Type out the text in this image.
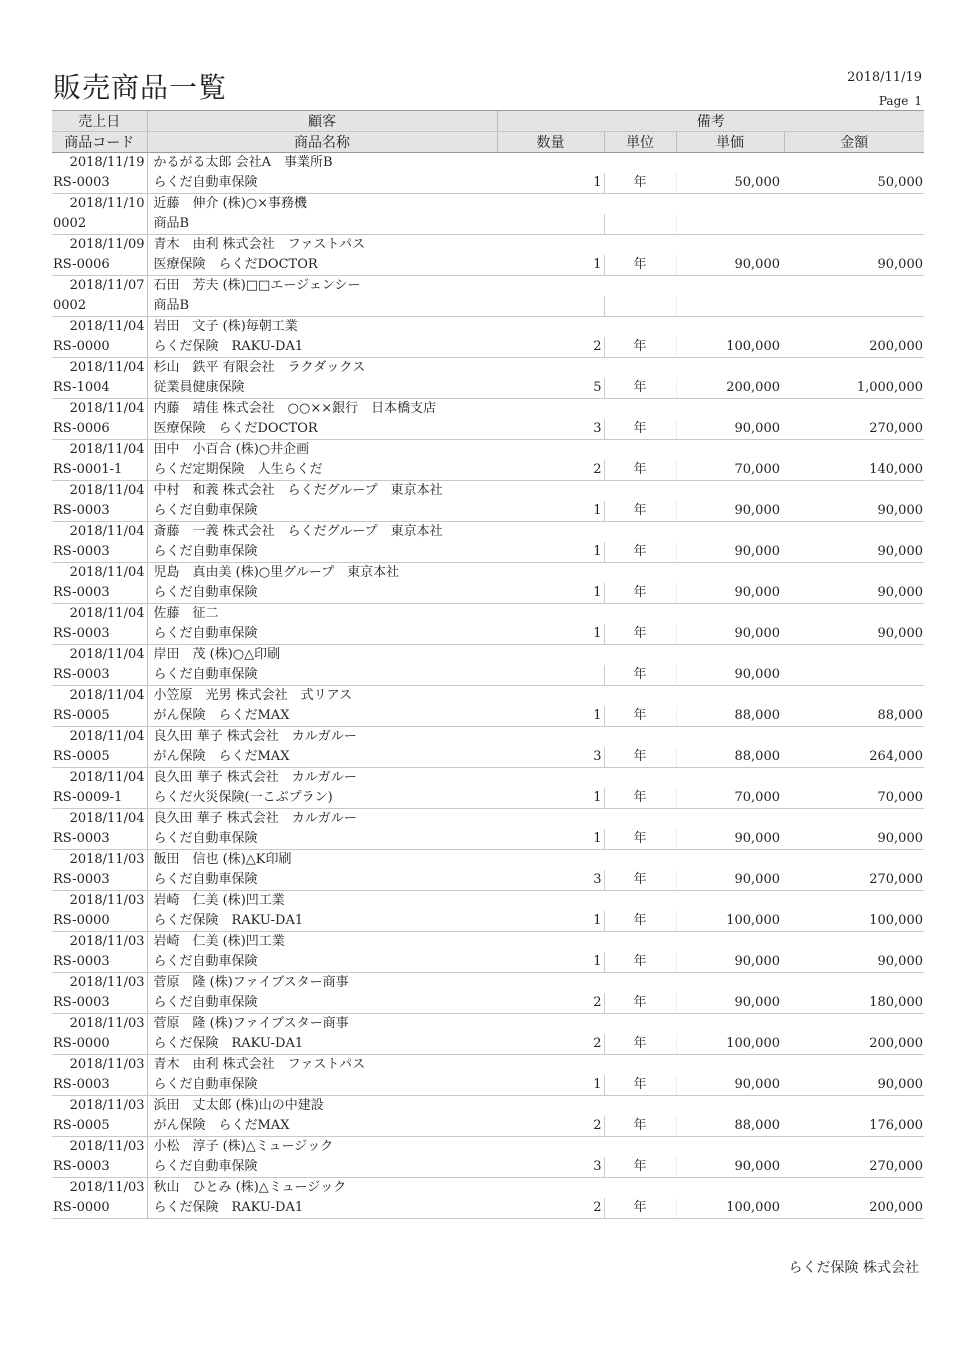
販売商品一覧	2018/11/19
Page 1
売上日	顧客	備考			
商品コード	商品名称	数量	単位	単価	金額
2018/11/19	かるがる太郎 会社A　事業所B				
RS-0003	らくだ自動車保険	1	年	50,000	50,000
2018/11/10	近藤　伸介 (株)○×事務機				
0002	商品B				
2018/11/09	青木　由利 株式会社　ファストパス				
RS-0006	医療保険　らくだDOCTOR	1	年	90,000	90,000
2018/11/07	石田　芳夫 (株)□□エージェンシー				
0002	商品B				
2018/11/04	岩田　文子 (株)毎朝工業				
RS-0000	らくだ保険　RAKU-DA1	2	年	100,000	200,000
2018/11/04	杉山　鉄平 有限会社　ラクダックス				
RS-1004	従業員健康保険	5	年	200,000	1,000,000
2018/11/04	内藤　靖佳 株式会社　○○××銀行　日本橋支店				
RS-0006	医療保険　らくだDOCTOR	3	年	90,000	270,000
2018/11/04	田中　小百合 (株)○井企画				
RS-0001-1	らくだ定期保険　人生らくだ	2	年	70,000	140,000
2018/11/04	中村　和義 株式会社　らくだグループ　東京本社				
RS-0003	らくだ自動車保険	1	年	90,000	90,000
2018/11/04	斎藤　一義 株式会社　らくだグループ　東京本社				
RS-0003	らくだ自動車保険	1	年	90,000	90,000
2018/11/04	児島　真由美 (株)○里グループ　東京本社				
RS-0003	らくだ自動車保険	1	年	90,000	90,000
2018/11/04	佐藤　征二				
RS-0003	らくだ自動車保険	1	年	90,000	90,000
2018/11/04	岸田　茂 (株)○△印刷				
RS-0003	らくだ自動車保険		年	90,000	
2018/11/04	小笠原　光男 株式会社　式リアス				
RS-0005	がん保険　らくだMAX	1	年	88,000	88,000
2018/11/04	良久田 華子 株式会社　カルガルー				
RS-0005	がん保険　らくだMAX	3	年	88,000	264,000
2018/11/04	良久田 華子 株式会社　カルガルー				
RS-0009-1	らくだ火災保険(一こぶプラン)	1	年	70,000	70,000
2018/11/04	良久田 華子 株式会社　カルガルー				
RS-0003	らくだ自動車保険	1	年	90,000	90,000
2018/11/03	飯田　信也 (株)△K印刷				
RS-0003	らくだ自動車保険	3	年	90,000	270,000
2018/11/03	岩崎　仁美 (株)凹工業				
RS-0000	らくだ保険　RAKU-DA1	1	年	100,000	100,000
2018/11/03	岩崎　仁美 (株)凹工業				
RS-0003	らくだ自動車保険	1	年	90,000	90,000
2018/11/03	菅原　隆 (株)ファイブスター商事				
RS-0003	らくだ自動車保険	2	年	90,000	180,000
2018/11/03	菅原　隆 (株)ファイブスター商事				
RS-0000	らくだ保険　RAKU-DA1	2	年	100,000	200,000
2018/11/03	青木　由利 株式会社　ファストパス				
RS-0003	らくだ自動車保険	1	年	90,000	90,000
2018/11/03	浜田　丈太郎 (株)山の中建設				
RS-0005	がん保険　らくだMAX	2	年	88,000	176,000
2018/11/03	小松　淳子 (株)△ミュージック				
RS-0003	らくだ自動車保険	3	年	90,000	270,000
2018/11/03	秋山　ひとみ (株)△ミュージック				
RS-0000	らくだ保険　RAKU-DA1	2	年	100,000	200,000
らくだ保険 株式会社
